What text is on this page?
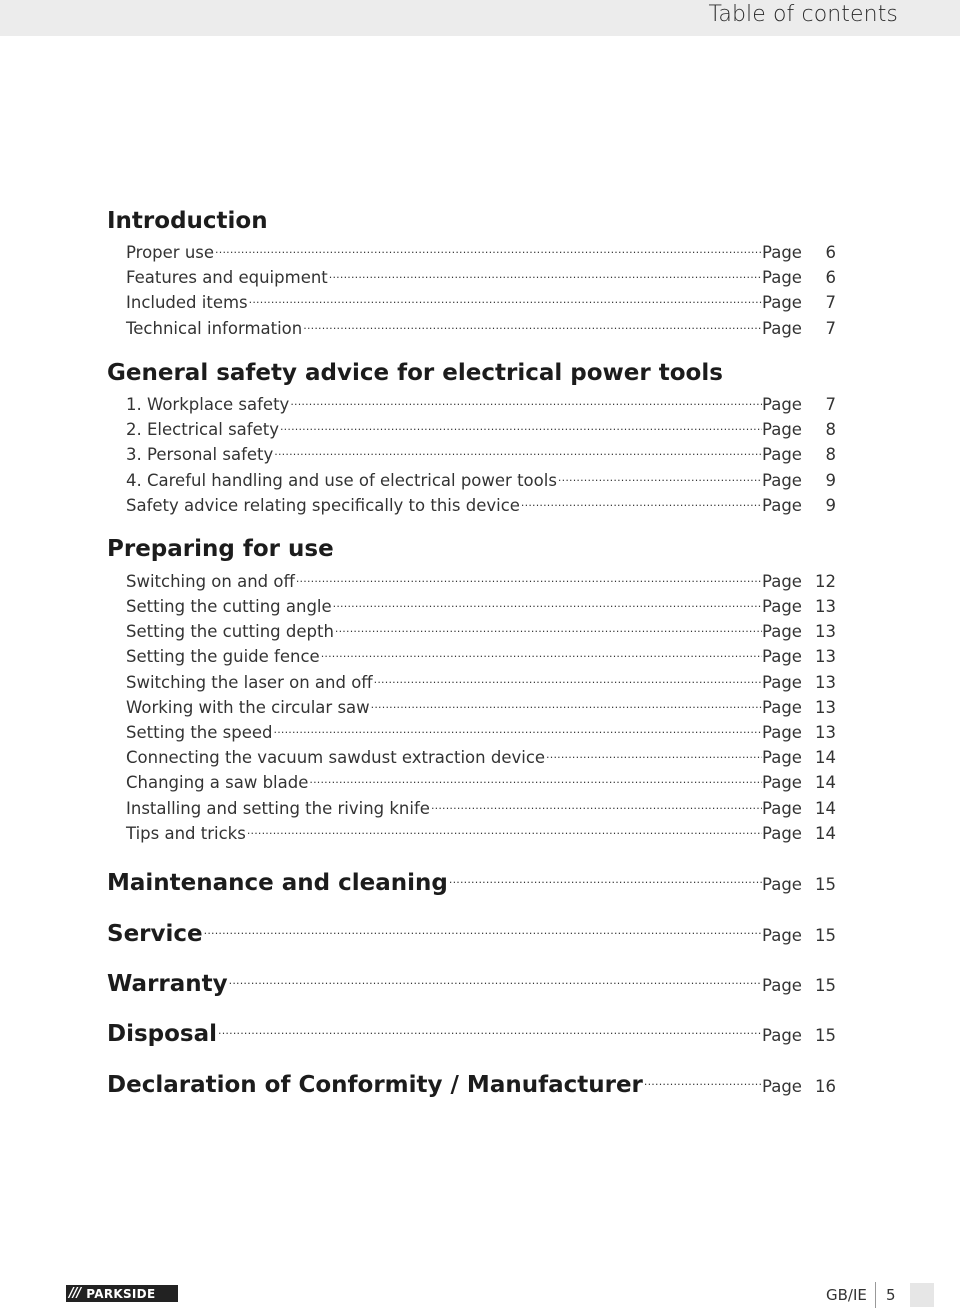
Table of contents
Introduction
Proper use .....	Page	6
Features and equipment .....	Page	6
Included items .....	Page	7
Technical information .....	Page	7
General safety advice for electrical power tools
1. Workplace safety .....	Page	7
2. Electrical safety .....	Page	8
3. Personal safety .....	Page	8
4. Careful handling and use of electrical power tools .....	Page	9
Safety advice relating specifically to this device .....	Page	9
Preparing for use
Switching on and off .....	Page 12
Setting the cutting angle .....	Page 13
Setting the cutting depth .....	Page 13
Setting the guide fence .....	Page 13
Switching the laser on and off .....	Page 13
Working with the circular saw .....	Page 13
Setting the speed .....	Page 13
Connecting the vacuum sawdust extraction device .....	Page 14
Changing a saw blade .....	Page 14
Installing and setting the riving knife .....	Page 14
Tips and tricks .....	Page 14
Maintenance and cleaning .....	Page 15
Service .....	Page 15
Warranty .....	Page 15
Disposal .....	Page 15
Declaration of Conformity / Manufacturer .....	Page 16
/// PARKSIDE	GB/IE 5
